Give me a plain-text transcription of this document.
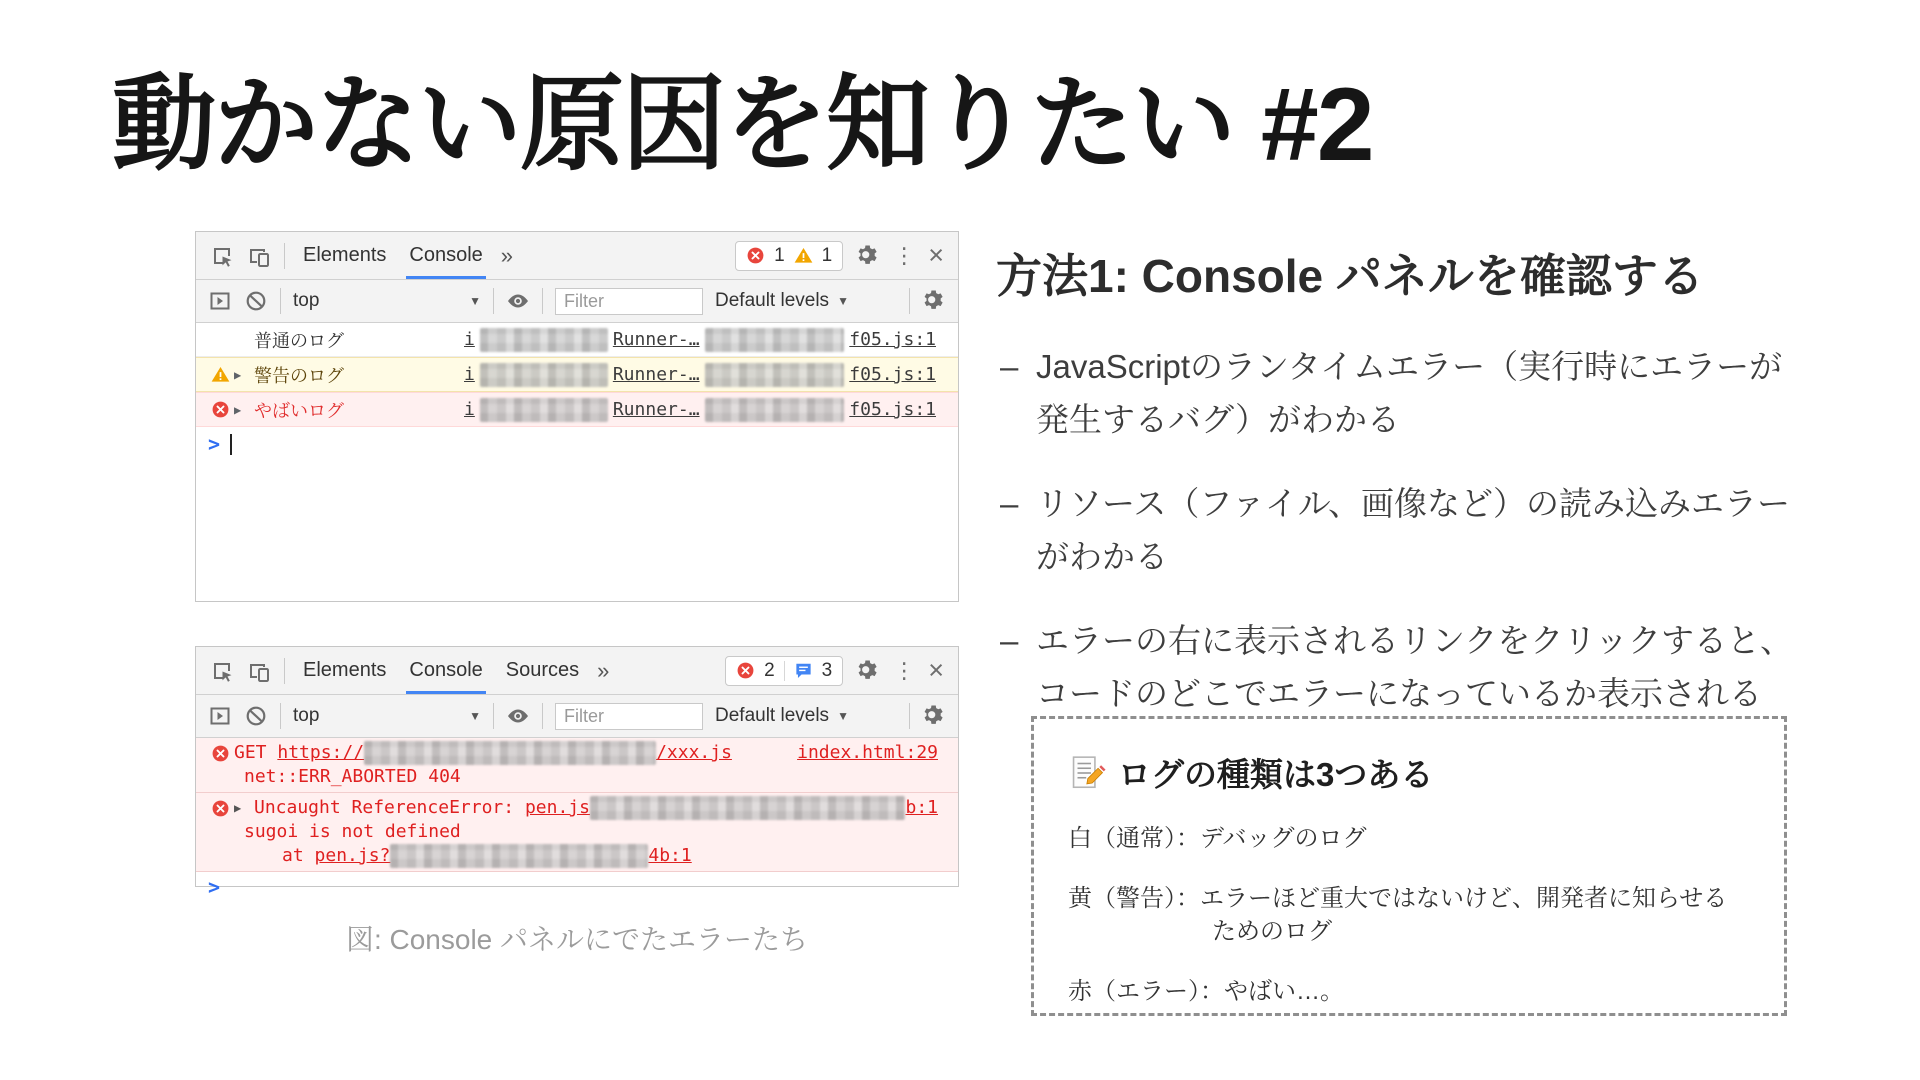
動かない原因を知りたい #2
Elements Console »	1 1	⋮ ×
top	▼
Filter	Default levels ▼
普通のログ	i	Runner-…	f05.js:1
▶ 警告のログ	i	Runner-…	f05.js:1
▶ やばいログ	i	Runner-…	f05.js:1
>
Elements Console Sources »	2 3	⋮ ×
top	▼
Filter	Default levels ▼
GET https://	/xxx.js	index.html:29
net::ERR_ABORTED 404
▶ Uncaught ReferenceError: pen.js	b:1
sugoi is not defined
at pen.js?	4b:1
>
図: Console パネルにでたエラーたち
方法1: Console パネルを確認する
– JavaScriptのランタイムエラー（実行時にエラーが発生するバグ）がわかる
– リソース（ファイル、画像など）の読み込みエラーがわかる
– エラーの右に表示されるリンクをクリックすると、コードのどこでエラーになっているか表示される
ログの種類は3つある
白（通常）：デバッグのログ
黄（警告）：エラーほど重大ではないけど、開発者に知らせる
ためのログ
赤（エラー）：やばい…。
